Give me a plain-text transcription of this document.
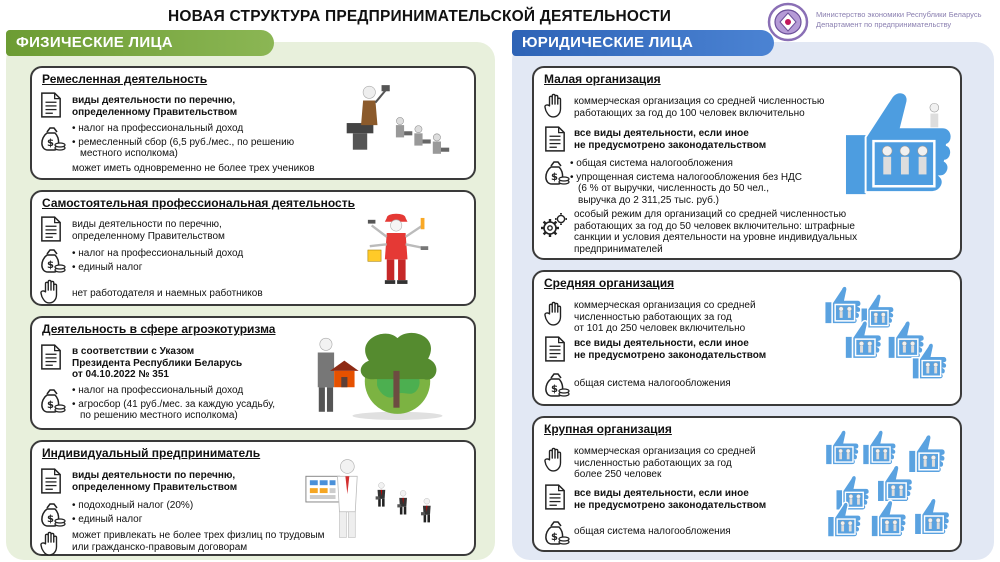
НОВАЯ СТРУКТУРА ПРЕДПРИНИМАТЕЛЬСКОЙ ДЕЯТЕЛЬНОСТИ	Министерство экономики Республики Беларусь
Департамент по предпринимательству
ФИЗИЧЕСКИЕ ЛИЦА	ЮРИДИЧЕСКИЕ ЛИЦА
Ремесленная деятельность
виды деятельности по перечню,
определенному Правительством
• налог на профессиональный доход
• ремесленный сбор (6,5 руб./мес., по решению
местного исполкома)
может иметь одновременно не более трех учеников
Самостоятельная профессиональная деятельность
виды деятельности по перечню,
определенному Правительством
• налог на профессиональный доход
• единый налог
нет работодателя и наемных работников
Деятельность в сфере агроэкотуризма
в соответствии с Указом
Президента Республики Беларусь
от 04.10.2022 № 351
• налог на профессиональный доход
• агросбор (41 руб./мес. за каждую усадьбу,
по решению местного исполкома)
Индивидуальный предприниматель
виды деятельности по перечню,
определенному Правительством
• подоходный налог (20%)
• единый налог
может привлекать не более трех физлиц по трудовым
или гражданско-правовым договорам
Малая организация
коммерческая организация со средней численностью
работающих за год до 100 человек включительно
все виды деятельности, если иное
не предусмотрено законодательством
• общая система налогообложения
• упрощенная система налогообложения без НДС
(6 % от выручки, численность до 50 чел.,
выручка до 2 311,25 тыс. руб.)
особый режим для организаций со средней численностью
работающих за год до 50 человек включительно: штрафные
санкции и условия деятельности на уровне индивидуальных
предпринимателей
Средняя организация
коммерческая организация со средней
численностью работающих за год
от 101 до 250 человек включительно
все виды деятельности, если иное
не предусмотрено законодательством
общая система налогообложения
Крупная организация
коммерческая организация со средней
численностью работающих за год
более 250 человек
все виды деятельности, если иное
не предусмотрено законодательством
общая система налогообложения
